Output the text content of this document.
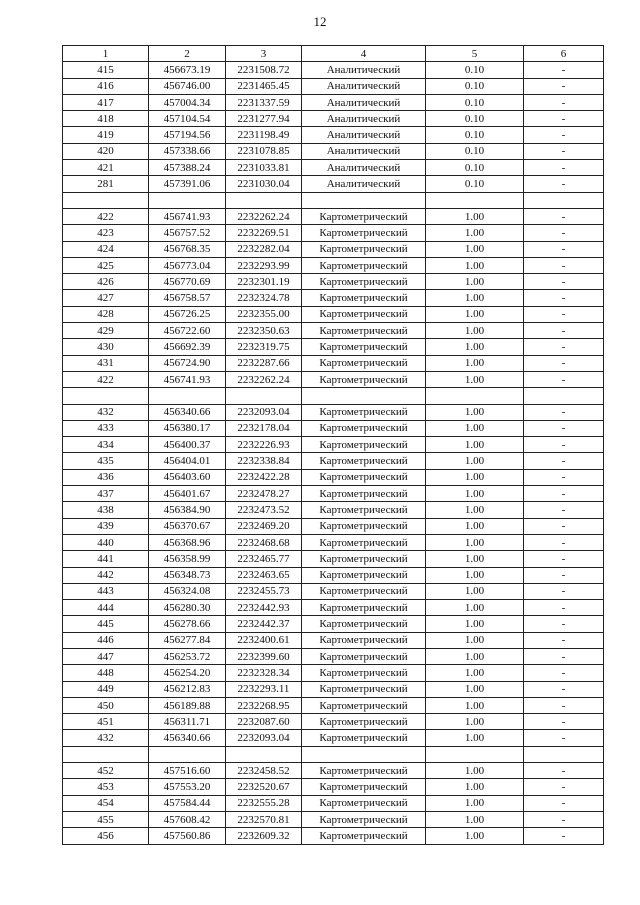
12
1	2	3	4	5	6
415	456673.19	2231508.72	Аналитический	0.10	-
416	456746.00	2231465.45	Аналитический	0.10	-
417	457004.34	2231337.59	Аналитический	0.10	-
418	457104.54	2231277.94	Аналитический	0.10	-
419	457194.56	2231198.49	Аналитический	0.10	-
420	457338.66	2231078.85	Аналитический	0.10	-
421	457388.24	2231033.81	Аналитический	0.10	-
281	457391.06	2231030.04	Аналитический	0.10	-

422	456741.93	2232262.24	Картометрический	1.00	-
423	456757.52	2232269.51	Картометрический	1.00	-
424	456768.35	2232282.04	Картометрический	1.00	-
425	456773.04	2232293.99	Картометрический	1.00	-
426	456770.69	2232301.19	Картометрический	1.00	-
427	456758.57	2232324.78	Картометрический	1.00	-
428	456726.25	2232355.00	Картометрический	1.00	-
429	456722.60	2232350.63	Картометрический	1.00	-
430	456692.39	2232319.75	Картометрический	1.00	-
431	456724.90	2232287.66	Картометрический	1.00	-
422	456741.93	2232262.24	Картометрический	1.00	-

432	456340.66	2232093.04	Картометрический	1.00	-
433	456380.17	2232178.04	Картометрический	1.00	-
434	456400.37	2232226.93	Картометрический	1.00	-
435	456404.01	2232338.84	Картометрический	1.00	-
436	456403.60	2232422.28	Картометрический	1.00	-
437	456401.67	2232478.27	Картометрический	1.00	-
438	456384.90	2232473.52	Картометрический	1.00	-
439	456370.67	2232469.20	Картометрический	1.00	-
440	456368.96	2232468.68	Картометрический	1.00	-
441	456358.99	2232465.77	Картометрический	1.00	-
442	456348.73	2232463.65	Картометрический	1.00	-
443	456324.08	2232455.73	Картометрический	1.00	-
444	456280.30	2232442.93	Картометрический	1.00	-
445	456278.66	2232442.37	Картометрический	1.00	-
446	456277.84	2232400.61	Картометрический	1.00	-
447	456253.72	2232399.60	Картометрический	1.00	-
448	456254.20	2232328.34	Картометрический	1.00	-
449	456212.83	2232293.11	Картометрический	1.00	-
450	456189.88	2232268.95	Картометрический	1.00	-
451	456311.71	2232087.60	Картометрический	1.00	-
432	456340.66	2232093.04	Картометрический	1.00	-

452	457516.60	2232458.52	Картометрический	1.00	-
453	457553.20	2232520.67	Картометрический	1.00	-
454	457584.44	2232555.28	Картометрический	1.00	-
455	457608.42	2232570.81	Картометрический	1.00	-
456	457560.86	2232609.32	Картометрический	1.00	-
